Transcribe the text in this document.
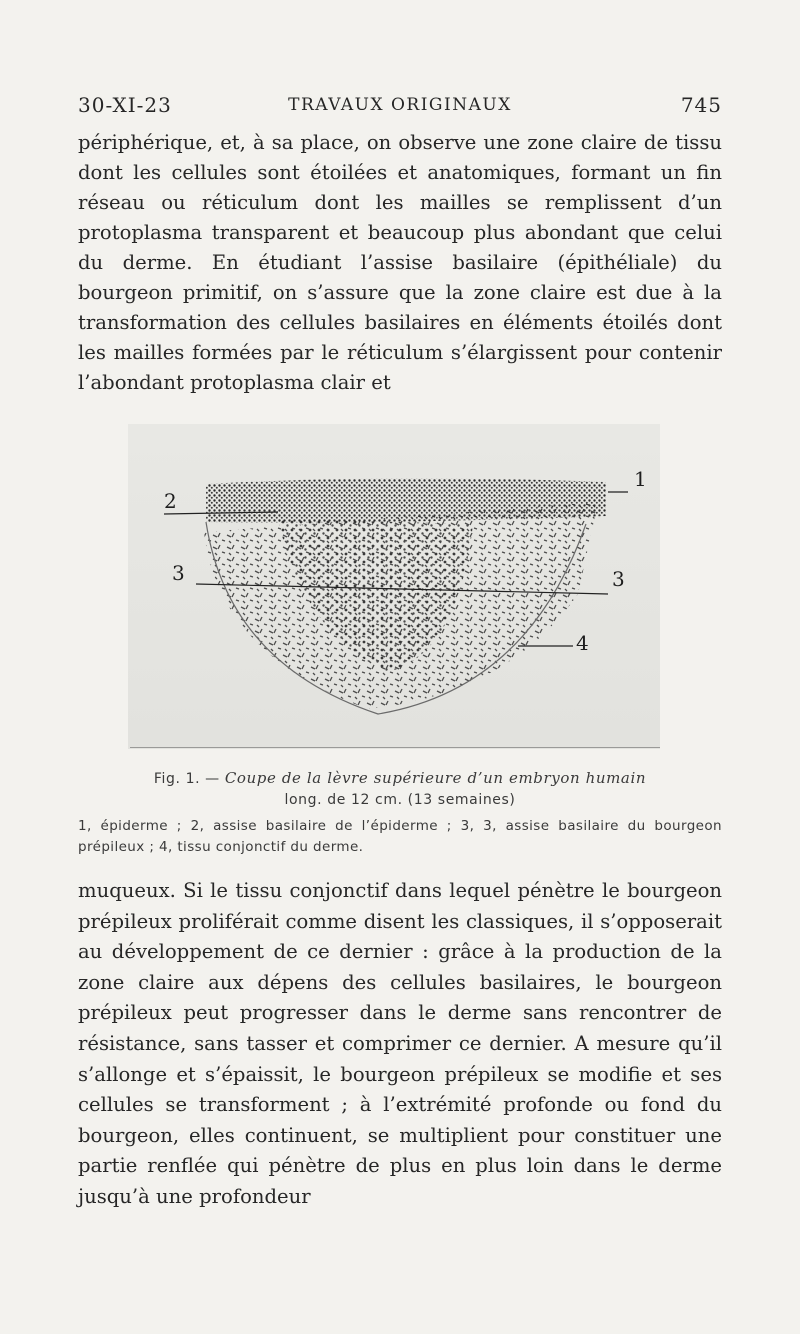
30-XI-23	TRAVAUX ORIGINAUX	745

périphérique, et, à sa place, on observe une zone claire de tissu dont les cellules sont étoilées et anatomiques, formant un fin réseau ou réticulum dont les mailles se remplissent d’un protoplasma transparent et beaucoup plus abondant que celui du derme. En étudiant l’assise basilaire (épithéliale) du bourgeon primitif, on s’assure que la zone claire est due à la transformation des cellules basilaires en éléments étoilés dont les mailles formées par le réticulum s’élargissent pour contenir l’abondant protoplasma clair et

1
2
3	3
4
Fig. 1. — Coupe de la lèvre supérieure d’un embryon humain
long. de 12 cm. (13 semaines)
1, épiderme ; 2, assise basilaire de l’épiderme ; 3, 3, assise basilaire du bourgeon prépileux ; 4, tissu conjonctif du derme.

muqueux. Si le tissu conjonctif dans lequel pénètre le bourgeon prépileux proliférait comme disent les classiques, il s’opposerait au développement de ce dernier : grâce à la production de la zone claire aux dépens des cellules basilaires, le bourgeon prépileux peut progresser dans le derme sans rencontrer de résistance, sans tasser et comprimer ce dernier. A mesure qu’il s’allonge et s’épaissit, le bourgeon prépileux se modifie et ses cellules se transforment ; à l’extrémité profonde ou fond du bourgeon, elles continuent, se multiplient pour constituer une partie renflée qui pénètre de plus en plus loin dans le derme jusqu’à une profondeur
